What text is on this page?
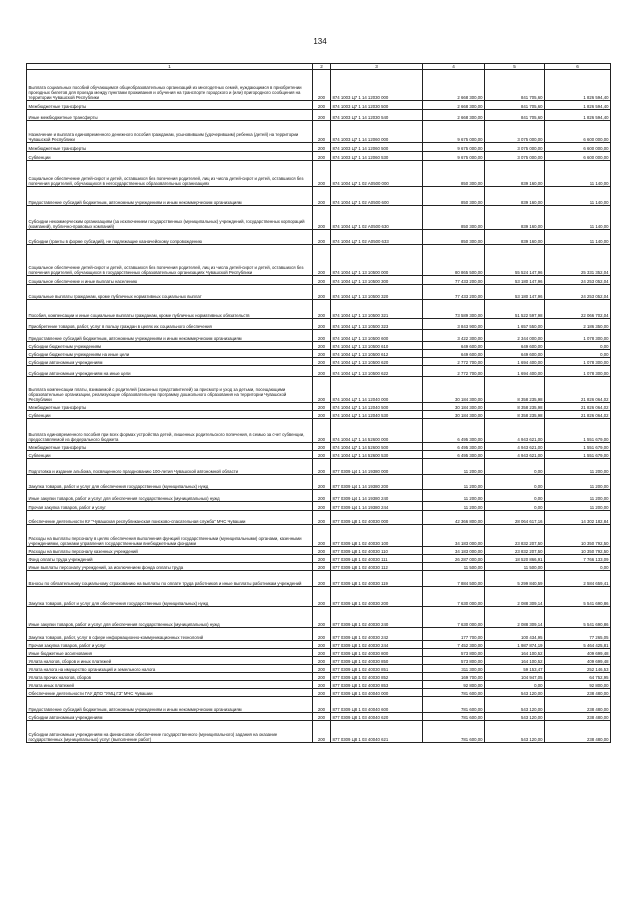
134
1	2	3	4	5	6
Выплата социальных пособий обучающимся общеобразовательных организаций из многодетных семей, нуждающимся в приобретении проездных билетов для проезда между пунктами проживания и обучения на транспорте городского и (или) пригородного сообщения на территории Чувашской Республики	200	874 1003 Ц7 1 14 12030 000	2 668 300,00	841 705,60	1 826 594,40
Межбюджетные трансферты	200	874 1003 Ц7 1 14 12030 500	2 668 300,00	841 705,60	1 826 594,40
Иные межбюджетные трансферты	200	874 1003 Ц7 1 14 12030 540	2 668 300,00	841 705,60	1 826 594,40
Назначение и выплата единовременного денежного пособия гражданам, усыновившим (удочерившим) ребенка (детей) на территории Чувашской Республики	200	874 1003 Ц7 1 14 12060 000	9 675 000,00	3 075 000,00	6 600 000,00
Межбюджетные трансферты	200	874 1003 Ц7 1 14 12060 500	9 675 000,00	3 075 000,00	6 600 000,00
Субвенции	200	874 1003 Ц7 1 14 12060 530	9 675 000,00	3 075 000,00	6 600 000,00
Социальное обеспечение детей-сирот и детей, оставшихся без попечения родителей, лиц из числа детей-сирот и детей, оставшихся без попечения родителей, обучающихся в негосударственных образовательных организациях	200	874 1004 Ц7 1 02 А0500 000	850 300,00	839 160,00	11 140,00
Предоставление субсидий бюджетным, автономным учреждениям и иным некоммерческим организациям	200	874 1004 Ц7 1 02 А0500 600	850 300,00	839 160,00	11 140,00
Субсидии некоммерческим организациям (за исключением государственных (муниципальных) учреждений, государственных корпораций (компаний), публично-правовых компаний)	200	874 1004 Ц7 1 02 А0500 630	850 300,00	839 160,00	11 140,00
Субсидии (гранты в форме субсидий), не подлежащие казначейскому сопровождению	200	874 1004 Ц7 1 02 А0500 633	850 300,00	839 160,00	11 140,00
Социальное обеспечение детей-сирот и детей, оставшихся без попечения родителей, лиц из числа детей-сирот и детей, оставшихся без попечения родителей, обучающихся в государственных образовательных организациях Чувашской Республики	200	874 1004 Ц7 1 13 10500 000	80 865 500,00	55 524 147,96	25 331 352,04
Социальное обеспечение и иные выплаты населению	200	874 1004 Ц7 1 13 10500 300	77 433 200,00	53 180 147,96	24 253 052,04
Социальные выплаты гражданам, кроме публичных нормативных социальных выплат	200	874 1004 Ц7 1 13 10500 320	77 433 200,00	53 180 147,96	24 253 052,04
Пособия, компенсации и иные социальные выплаты гражданам, кроме публичных нормативных обязательств	200	874 1004 Ц7 1 13 10500 321	73 589 300,00	51 522 597,98	22 066 702,04
Приобретение товаров, работ, услуг в пользу граждан в целях их социального обеспечения	200	874 1004 Ц7 1 13 10500 323	3 843 900,00	1 657 550,00	2 186 350,00
Предоставление субсидий бюджетным, автономным учреждениям и иным некоммерческим организациям	200	874 1004 Ц7 1 13 10500 600	3 422 300,00	2 344 000,00	1 078 300,00
Субсидии бюджетным учреждениям	200	874 1004 Ц7 1 13 10500 610	649 600,00	649 600,00	0,00
Субсидии бюджетным учреждениям на иные цели	200	874 1004 Ц7 1 13 10500 612	649 600,00	649 600,00	0,00
Субсидии автономным учреждениям	200	874 1004 Ц7 1 13 10500 620	2 772 700,00	1 694 400,00	1 078 300,00
Субсидии автономным учреждениям на иные цели	200	874 1004 Ц7 1 13 10500 622	2 772 700,00	1 694 400,00	1 078 300,00
Выплата компенсации платы, взимаемой с родителей (законных представителей) за присмотр и уход за детьми, посещающими образовательные организации, реализующие образовательную программу дошкольного образования на территории Чувашской Республики	200	874 1004 Ц7 1 14 12040 000	30 184 300,00	8 358 235,98	21 826 064,02
Межбюджетные трансферты	200	874 1004 Ц7 1 14 12040 500	30 184 300,00	8 358 235,98	21 826 064,02
Субвенции	200	874 1004 Ц7 1 14 12040 530	30 184 300,00	8 358 235,98	21 826 064,02
Выплата единовременного пособия при всех формах устройства детей, лишенных родительского попечения, в семью за счет субвенции, предоставляемой из федерального бюджета	200	874 1004 Ц7 1 14 52600 000	6 495 300,00	4 943 621,00	1 551 679,00
Межбюджетные трансферты	200	874 1004 Ц7 1 14 52600 500	6 495 300,00	4 943 621,00	1 551 679,00
Субвенции	200	874 1004 Ц7 1 14 52600 530	6 495 300,00	4 943 621,00	1 551 679,00
Подготовка и издание альбома, посвященного празднованию 100-летия Чувашской автономной области	200	877 0309 Ц4 1 14 19380 000	11 200,00	0,00	11 200,00
Закупка товаров, работ и услуг для обеспечения государственных (муниципальных) нужд	200	877 0309 Ц4 1 14 19380 200	11 200,00	0,00	11 200,00
Иные закупки товаров, работ и услуг для обеспечения государственных (муниципальных) нужд	200	877 0309 Ц4 1 14 19380 240	11 200,00	0,00	11 200,00
Прочая закупка товаров, работ и услуг	200	877 0309 Ц4 1 14 19380 244	11 200,00	0,00	11 200,00
Обеспечение деятельности КУ "Чувашская республиканская поисково-спасательная служба" МЧС Чувашии	200	877 0309 Ц8 1 02 40030 000	42 366 800,00	28 064 617,16	14 302 182,84
Расходы на выплаты персоналу в целях обеспечения выполнения функций государственными (муниципальными) органами, казенными учреждениями, органами управления государственными внебюджетными фондами	200	877 0309 Ц8 1 02 40030 100	34 183 000,00	23 832 207,50	10 350 792,50
Расходы на выплаты персоналу казенных учреждений	200	877 0309 Ц8 1 02 40030 110	34 183 000,00	23 832 207,50	10 350 792,50
Фонд оплаты труда учреждений	200	877 0309 Ц8 1 02 40030 111	26 287 000,00	18 520 866,91	7 766 133,09
Иные выплаты персоналу учреждений, за исключением фонда оплаты труда	200	877 0309 Ц8 1 02 40030 112	11 500,00	11 500,00	0,00
Взносы по обязательному социальному страхованию на выплаты по оплате труда работников и иные выплаты работникам учреждений	200	877 0309 Ц8 1 02 40030 119	7 884 500,00	5 299 840,59	2 584 659,41
Закупка товаров, работ и услуг для обеспечения государственных (муниципальных) нужд	200	877 0309 Ц8 1 02 40030 200	7 630 000,00	2 088 309,14	5 541 690,86
Иные закупки товаров, работ и услуг для обеспечения государственных (муниципальных) нужд	200	877 0309 Ц8 1 02 40030 240	7 630 000,00	2 088 309,14	5 541 690,86
Закупка товаров, работ, услуг в сфере информационно-коммуникационных технологий	200	877 0309 Ц8 1 02 40030 242	177 700,00	100 434,95	77 265,05
Прочая закупка товаров, работ и услуг	200	877 0309 Ц8 1 02 40030 244	7 452 300,00	1 987 874,19	5 464 425,81
Иные бюджетные ассигнования	200	877 0309 Ц8 1 02 40030 800	573 800,00	164 100,52	409 699,48
Уплата налогов, сборов и иных платежей	200	877 0309 Ц8 1 02 40030 850	573 800,00	164 100,52	409 699,48
Уплата налога на имущество организаций и земельного налога	200	877 0309 Ц8 1 02 40030 851	311 300,00	59 153,47	252 146,53
Уплата прочих налогов, сборов	200	877 0309 Ц8 1 02 40030 852	169 700,00	104 947,05	64 752,95
Уплата иных платежей	200	877 0309 Ц8 1 02 40030 853	92 800,00	0,00	92 800,00
Обеспечение деятельности ГАУ ДПО "УМЦ ГЗ" МЧС Чувашии	200	877 0309 Ц8 1 03 40040 000	781 600,00	543 120,00	238 480,00
Предоставление субсидий бюджетным, автономным учреждениям и иным некоммерческим организациям	200	877 0309 Ц8 1 03 40040 600	781 600,00	543 120,00	238 480,00
Субсидии автономным учреждениям	200	877 0309 Ц8 1 03 40040 620	781 600,00	543 120,00	238 480,00
Субсидии автономным учреждениям на финансовое обеспечение государственного (муниципального) задания на оказание государственных (муниципальных) услуг (выполнение работ)	200	877 0309 Ц8 1 03 40040 621	781 600,00	543 120,00	238 480,00
